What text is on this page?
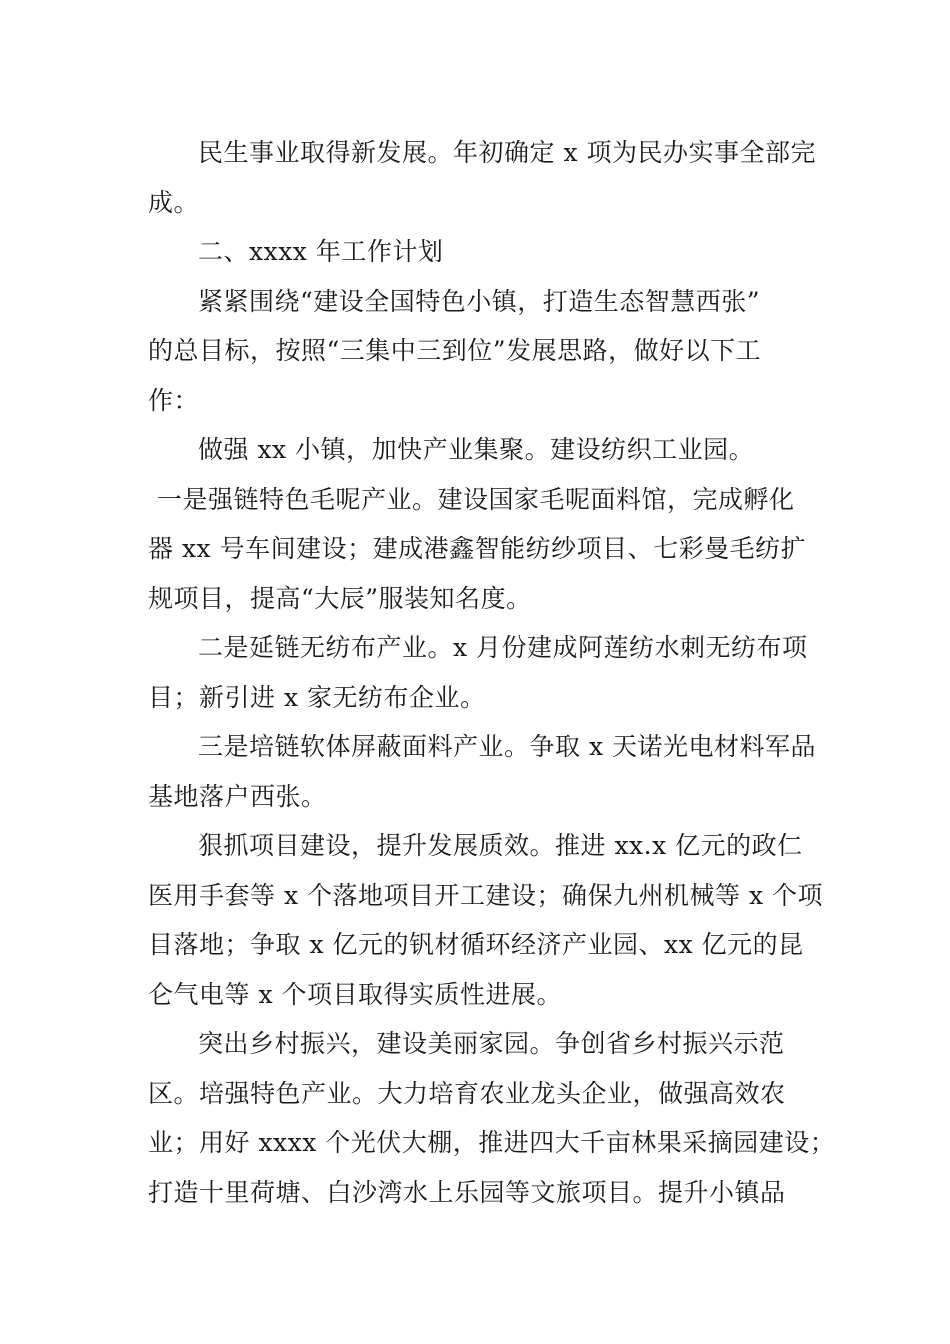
民生事业取得新发展。年初确定 x 项为民办实事全部完
成。
二、xxxx 年工作计划
紧紧围绕“建设全国特色小镇，打造生态智慧西张”
的总目标，按照“三集中三到位”发展思路，做好以下工
作：
做强 xx 小镇，加快产业集聚。建设纺织工业园。
一是强链特色毛呢产业。建设国家毛呢面料馆，完成孵化
器 xx 号车间建设；建成港鑫智能纺纱项目、七彩曼毛纺扩
规项目，提高“大辰”服装知名度。
二是延链无纺布产业。x 月份建成阿莲纺水刺无纺布项
目；新引进 x 家无纺布企业。
三是培链软体屏蔽面料产业。争取 x 天诺光电材料军品
基地落户西张。
狠抓项目建设，提升发展质效。推进 xx.x 亿元的政仁
医用手套等 x 个落地项目开工建设；确保九州机械等 x 个项
目落地；争取 x 亿元的钒材循环经济产业园、xx 亿元的昆
仑气电等 x 个项目取得实质性进展。
突出乡村振兴，建设美丽家园。争创省乡村振兴示范
区。培强特色产业。大力培育农业龙头企业，做强高效农
业；用好 xxxx 个光伏大棚，推进四大千亩林果采摘园建设；
打造十里荷塘、白沙湾水上乐园等文旅项目。提升小镇品
